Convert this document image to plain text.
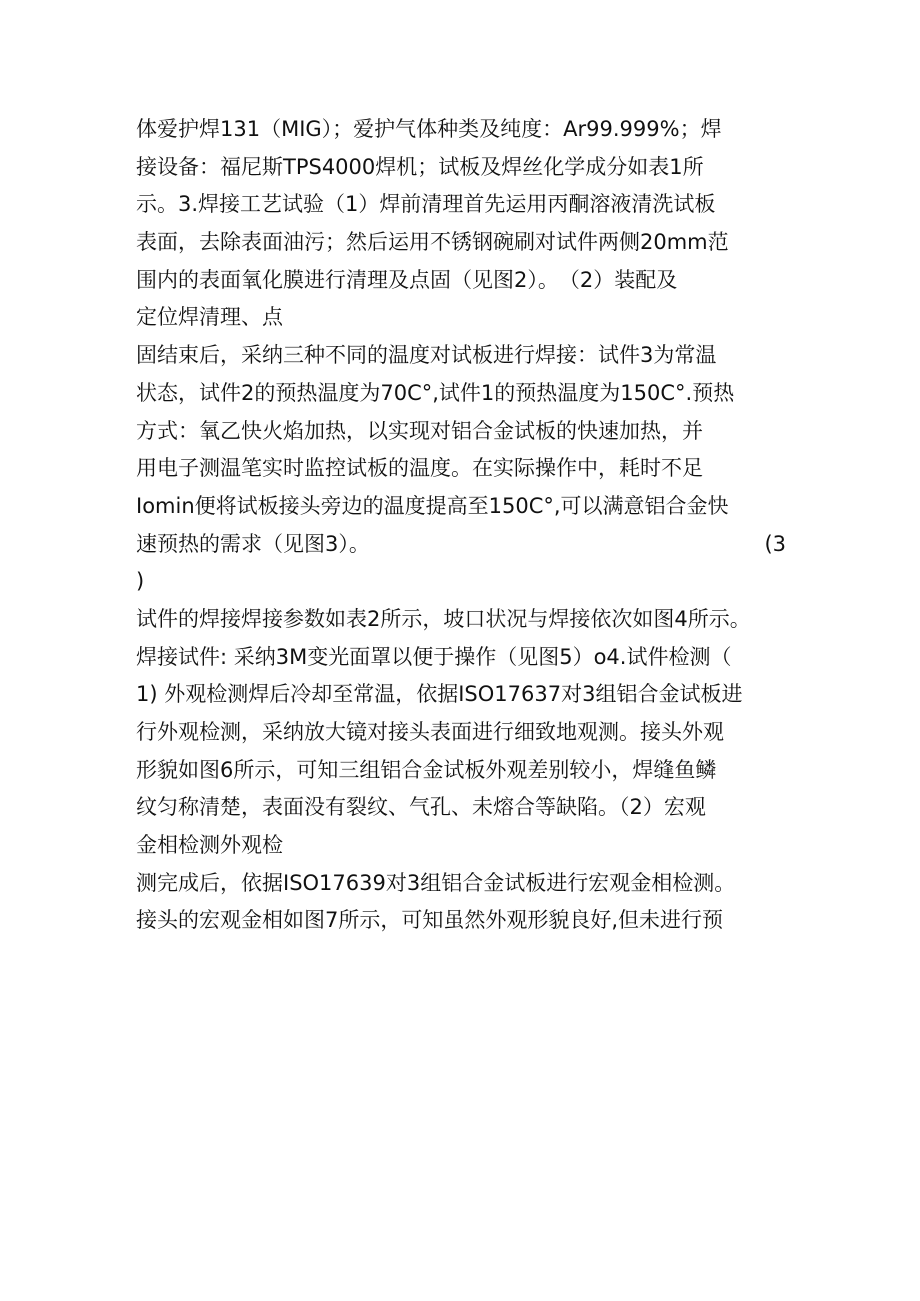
体爱护焊131（MIG）；爱护气体种类及纯度：Ar99.999%；焊
接设备：福尼斯TPS4000焊机；试板及焊丝化学成分如表1所
示。3.焊接工艺试验（1）焊前清理首先运用丙酮溶液清洗试板
表面，去除表面油污；然后运用不锈钢碗刷对试件两侧20mm范
围内的表面氧化膜进行清理及点固（见图2）。　（2）装配及
定位焊清理、点
固结束后，采纳三种不同的温度对试板进行焊接：试件3为常温
状态，试件2的预热温度为70C°,试件1的预热温度为150C°.预热
方式：氧乙快火焰加热，以实现对铝合金试板的快速加热，并
用电子测温笔实时监控试板的温度。在实际操作中，耗时不足
Iomin便将试板接头旁边的温度提高至150C°,可以满意铝合金快
速预热的需求（见图3）。	(3
)
试件的焊接焊接参数如表2所示，坡口状况与焊接依次如图4所示。
焊接试件: 采纳3M变光面罩以便于操作（见图5）o4.试件检测（
1) 外观检测焊后冷却至常温，依据ISO17637对3组铝合金试板进
行外观检测，采纳放大镜对接头表面进行细致地观测。接头外观
形貌如图6所示，可知三组铝合金试板外观差别较小，焊缝鱼鳞
纹匀称清楚，表面没有裂纹、气孔、未熔合等缺陷。（2）宏观
金相检测外观检
测完成后，依据ISO17639对3组铝合金试板进行宏观金相检测。
接头的宏观金相如图7所示，可知虽然外观形貌良好,但未进行预
